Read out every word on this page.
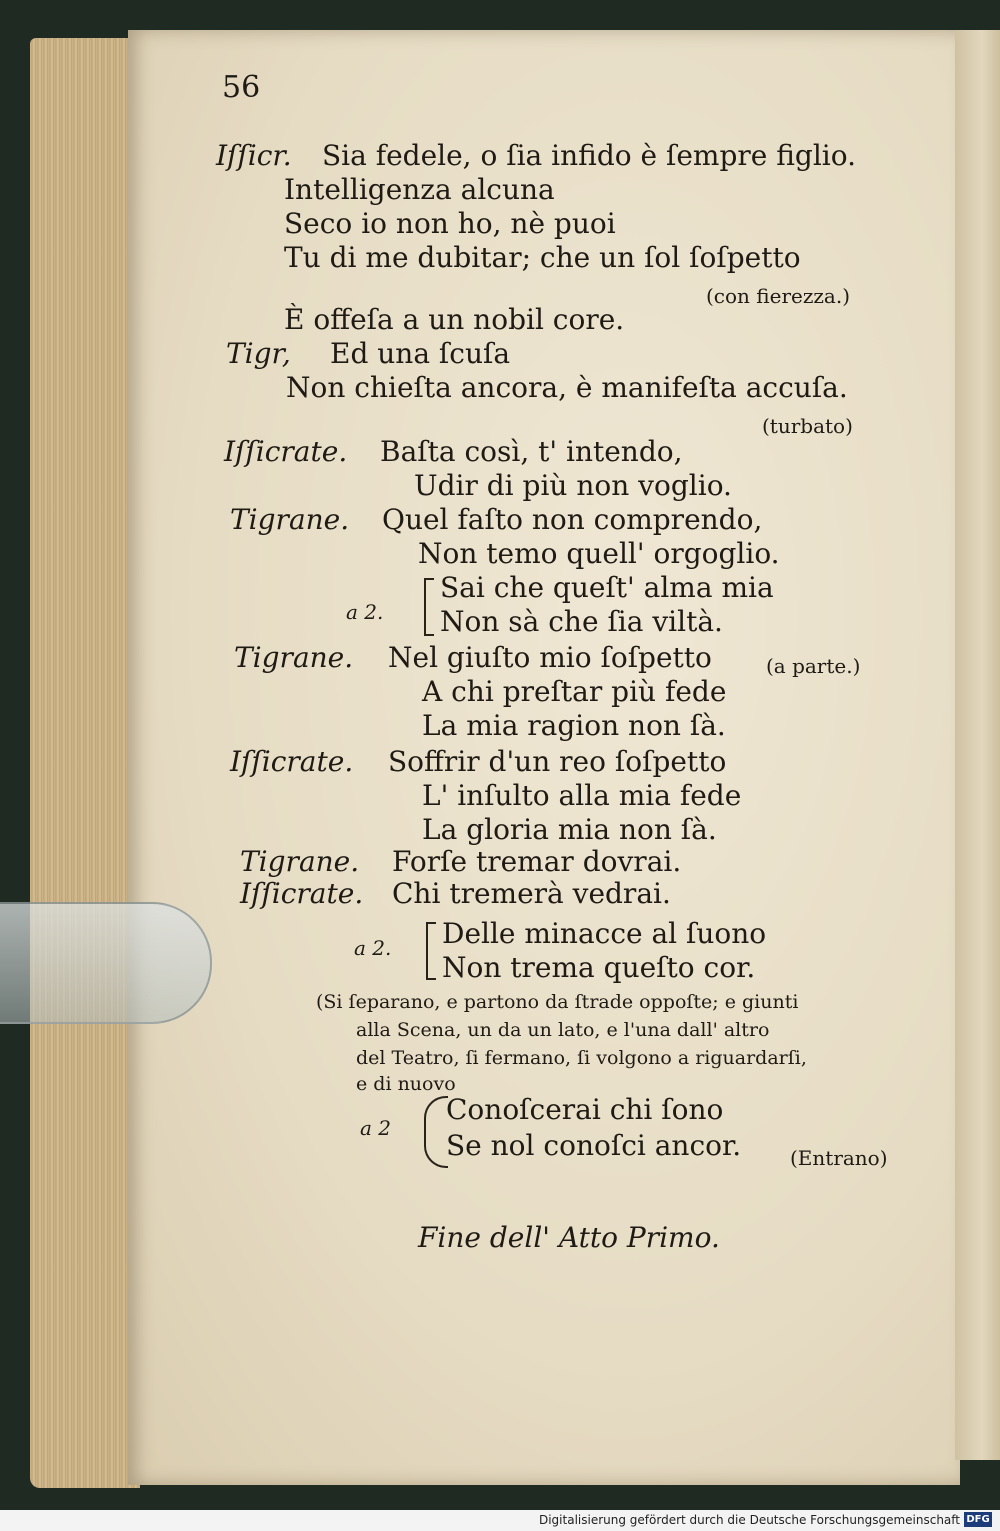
56
Iſſicr. Sia fedele, o ſia infido è ſempre figlio.
Intelligenza alcuna
Seco io non ho, nè puoi
Tu di me dubitar; che un ſol ſoſpetto
(con fierezza.)
È offeſa a un nobil core.
Tigr, Ed una ſcuſa
Non chieſta ancora, è manifeſta accuſa.
(turbato)
Iſſicrate. Baſta così, t' intendo,
Udir di più non voglio.
Tigrane. Quel faſto non comprendo,
Non temo quell' orgoglio.
a 2.
Sai che queſt' alma mia
Non sà che ſia viltà.
Tigrane. Nel giuſto mio ſoſpetto	(a parte.)
A chi preſtar più fede
La mia ragion non ſà.
Iſſicrate. Soffrir d'un reo ſoſpetto
L' inſulto alla mia fede
La gloria mia non ſà.
Tigrane. Forſe tremar dovrai.
Iſſicrate. Chi tremerà vedrai.
a 2. Delle minacce al ſuono
Non trema queſto cor.
(Si ſeparano, e partono da ſtrade oppoſte; e giunti
alla Scena, un da un lato, e l'una dall' altro
del Teatro, ſi fermano, ſi volgono a riguardarſi,
e di nuovo
a 2
Conoſcerai chi ſono
Se nol conoſci ancor. (Entrano)
Fine dell' Atto Primo.
Digitalisierung gefördert durch die Deutsche Forschungsgemeinschaft DFG
